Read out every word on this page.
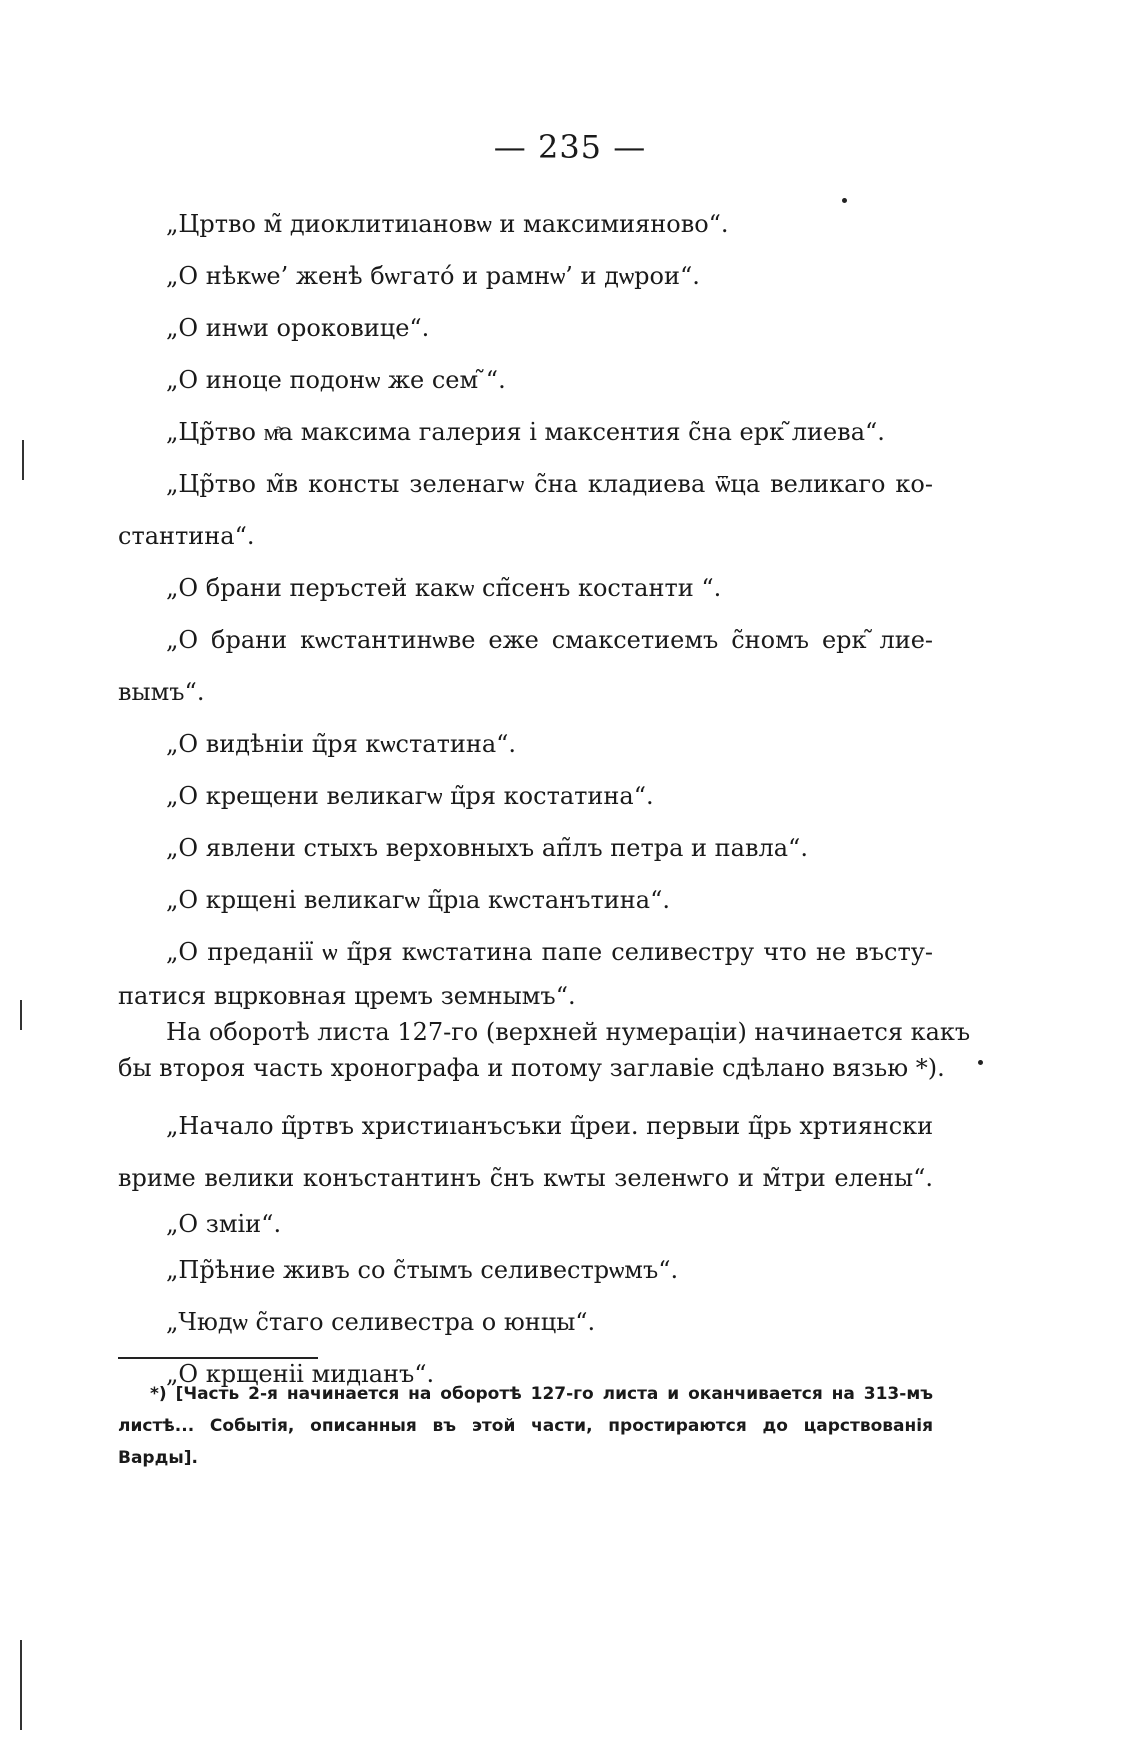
— 235 —
„Цртво м̃ диоклитиıановѡ и максимияново“.
„О нѣкѡе’ женѣ бѡгато́ и рамнѡ’ и дѡрои“.
„О инѡи ороковице“.
„О иноце подонѡ же сем ̃“.
„Цр̃тво мͣа максима галерия і максентия с̃на ерк ̃лиева“.
„Цр̃тво м̃в консты зеленагѡ с̃на кладиева ѿца великаго ко-
стантина“.
„О брани перъстей какѡ сп̃сенъ костанти “.
„О брани кѡстантинѡве еже смаксетиемъ с̃номъ ерк ̃лие-
вымъ“.
„О видѣніи ц̃ря кѡстатина“.
„О крещени великагѡ ц̃ря костатина“.
„О явлени стыхъ верховныхъ ап̃лъ петра и павла“.
„О крщені великагѡ ц̃рıа кѡстанътина“.
„О преданії ѡ ц̃ря кѡстатина папе селивестру что не въсту-
патися вцрковная цремъ земнымъ“.
На оборотѣ листа 127-го (верхней нумераціи) начинается какъ
бы второя часть хронографа и потому заглавіе сдѣлано вязью *).
„Начало ц̃ртвъ христиıанъсъки ц̃реи. первыи ц̃рь хртиянски
вриме велики конъстантинъ с̃нъ кѡты зеленѡго и м̃три елены“.
„О змiи“.
„Пр̃ѣние живъ со с̃тымъ селивестрѡмъ“.
„Чюдѡ с̃таго селивестра о юнцы“.
„О крщеніі мидıанъ“.
*) [Часть 2-я начинается на оборотѣ 127-го листа и оканчивается на 313-мъ
листѣ... Событія, описанныя въ этой части, простираются до царствованія
Варды].
